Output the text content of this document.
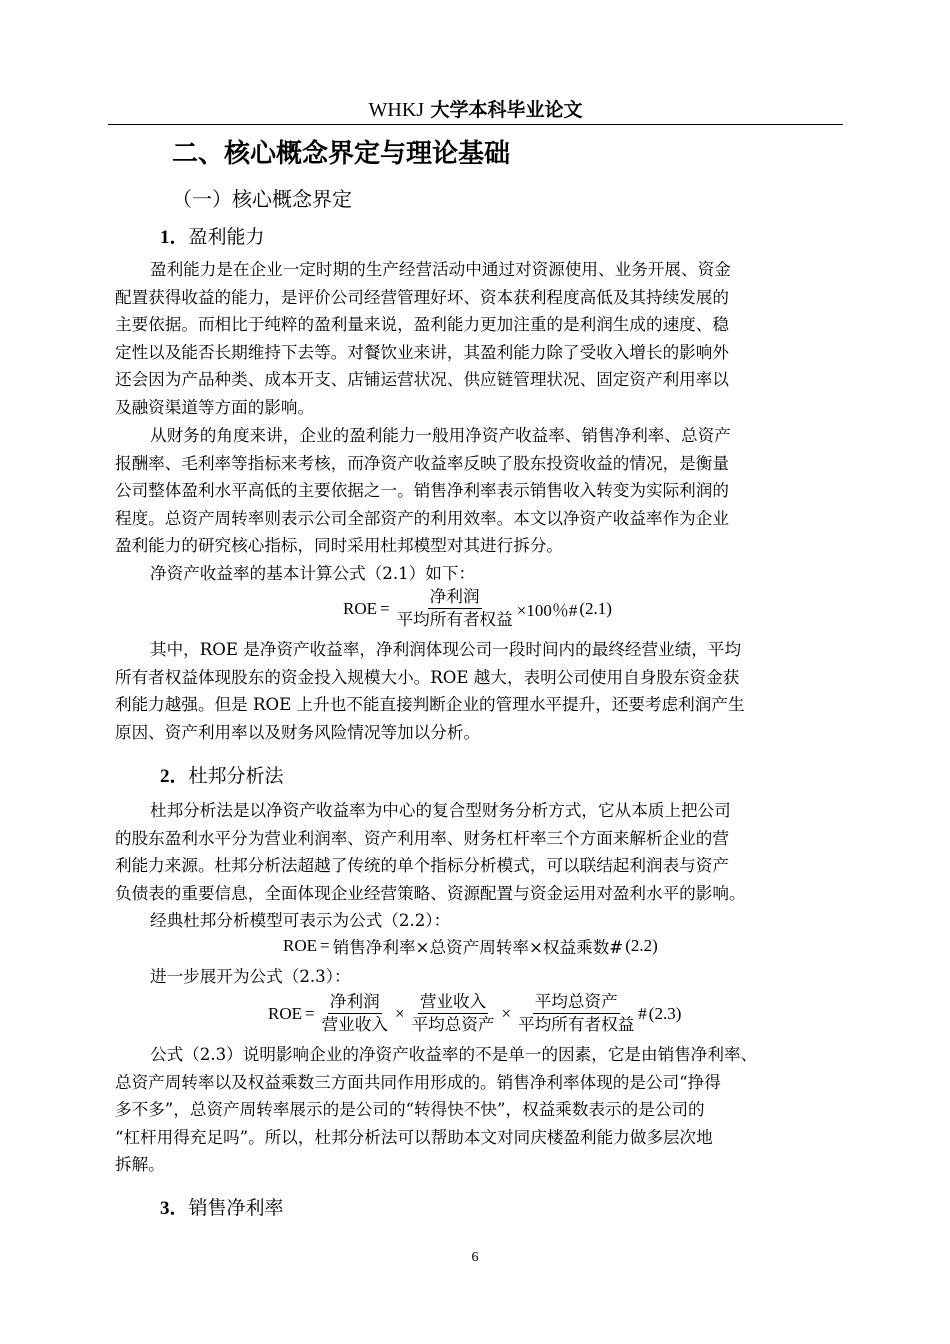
WHKJ 大学本科毕业论文
二、核心概念界定与理论基础
（一）核心概念界定
1．盈利能力
盈利能力是在企业一定时期的生产经营活动中通过对资源使用、业务开展、资金
配置获得收益的能力，是评价公司经营管理好坏、资本获利程度高低及其持续发展的
主要依据。而相比于纯粹的盈利量来说，盈利能力更加注重的是利润生成的速度、稳
定性以及能否长期维持下去等。对餐饮业来讲，其盈利能力除了受收入增长的影响外
还会因为产品种类、成本开支、店铺运营状况、供应链管理状况、固定资产利用率以
及融资渠道等方面的影响。
从财务的角度来讲，企业的盈利能力一般用净资产收益率、销售净利率、总资产
报酬率、毛利率等指标来考核，而净资产收益率反映了股东投资收益的情况，是衡量
公司整体盈利水平高低的主要依据之一。销售净利率表示销售收入转变为实际利润的
程度。总资产周转率则表示公司全部资产的利用效率。本文以净资产收益率作为企业
盈利能力的研究核心指标，同时采用杜邦模型对其进行拆分。
净资产收益率的基本计算公式（2.1）如下：
ROE = $\frac{\text{净利润}}{\text{平均所有者权益}} \times 100$％# (2.1)
其中，ROE 是净资产收益率，净利润体现公司一段时间内的最终经营业绩，平均
所有者权益体现股东的资金投入规模大小。ROE 越大，表明公司使用自身股东资金获
利能力越强。但是 ROE 上升也不能直接判断企业的管理水平提升，还要考虑利润产生
原因、资产利用率以及财务风险情况等加以分析。
2．杜邦分析法
杜邦分析法是以净资产收益率为中心的复合型财务分析方式，它从本质上把公司
的股东盈利水平分为营业利润率、资产利用率、财务杠杆率三个方面来解析企业的营
利能力来源。杜邦分析法超越了传统的单个指标分析模式，可以联结起利润表与资产
负债表的重要信息，全面体现企业经营策略、资源配置与资金运用对盈利水平的影响。
经典杜邦分析模型可表示为公式（2.2）：
ROE = 销售净利率×总资产周转率×权益乘数# (2.2)
进一步展开为公式（2.3）：
ROE = $\frac{\text{净利润}}{\text{营业收入}} \times \frac{\text{营业收入}}{\text{平均总资产}} \times \frac{\text{平均总资产}}{\text{平均所有者权益}}$ # (2.3)
公式（2.3）说明影响企业的净资产收益率的不是单一的因素，它是由销售净利率、
总资产周转率以及权益乘数三方面共同作用形成的。销售净利率体现的是公司“挣得
多不多”，总资产周转率展示的是公司的“转得快不快”，权益乘数表示的是公司的
“杠杆用得充足吗”。所以，杜邦分析法可以帮助本文对同庆楼盈利能力做多层次地
拆解。
3．销售净利率
6
